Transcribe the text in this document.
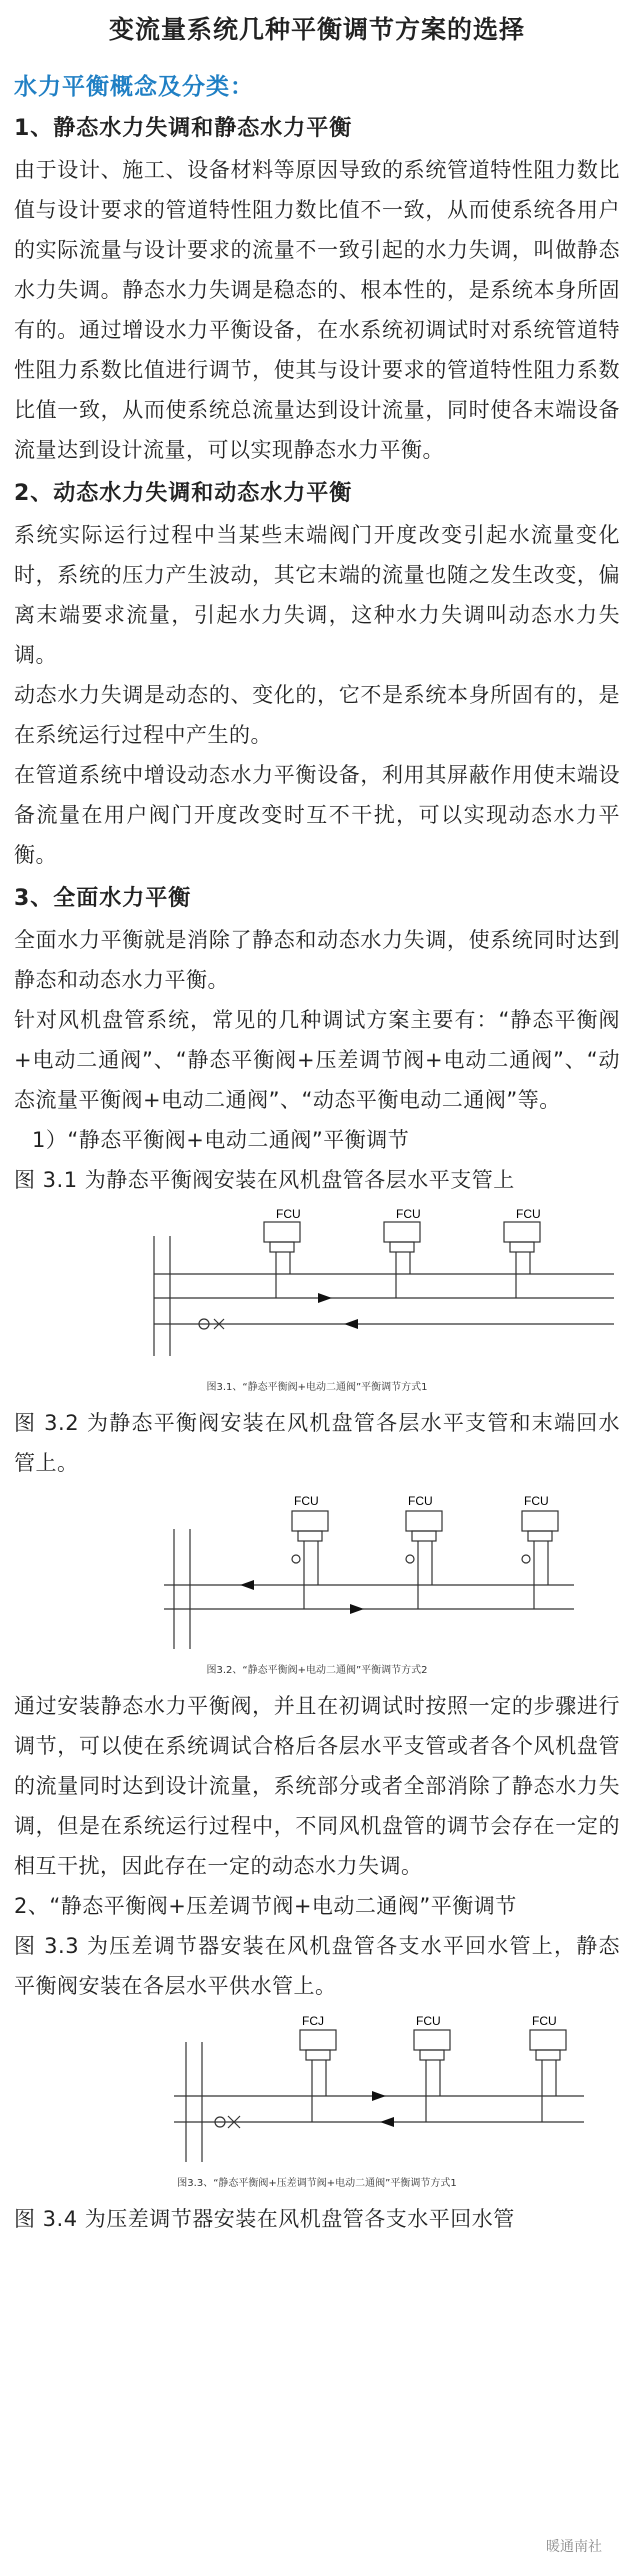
变流量系统几种平衡调节方案的选择
水力平衡概念及分类：
1、静态水力失调和静态水力平衡

由于设计、施工、设备材料等原因导致的系统管道特性阻力数比值与设计要求的管道特性阻力数比值不一致，从而使系统各用户的实际流量与设计要求的流量不一致引起的水力失调，叫做静态水力失调。静态水力失调是稳态的、根本性的，是系统本身所固有的。通过增设水力平衡设备，在水系统初调试时对系统管道特性阻力系数比值进行调节，使其与设计要求的管道特性阻力系数比值一致，从而使系统总流量达到设计流量，同时使各末端设备流量达到设计流量，可以实现静态水力平衡。

2、动态水力失调和动态水力平衡

系统实际运行过程中当某些末端阀门开度改变引起水流量变化时，系统的压力产生波动，其它末端的流量也随之发生改变，偏离末端要求流量，引起水力失调，这种水力失调叫动态水力失调。

动态水力失调是动态的、变化的，它不是系统本身所固有的，是在系统运行过程中产生的。

在管道系统中增设动态水力平衡设备，利用其屏蔽作用使末端设备流量在用户阀门开度改变时互不干扰，可以实现动态水力平衡。

3、全面水力平衡

全面水力平衡就是消除了静态和动态水力失调，使系统同时达到静态和动态水力平衡。

针对风机盘管系统，常见的几种调试方案主要有：“静态平衡阀+电动二通阀”、“静态平衡阀+压差调节阀+电动二通阀”、“动态流量平衡阀+电动二通阀”、“动态平衡电动二通阀”等。

1）“静态平衡阀+电动二通阀”平衡调节

图 3.1 为静态平衡阀安装在风机盘管各层水平支管上

FCU	FCU	FCU
图3.1、“静态平衡阀+电动二通阀”平衡调节方式1

图 3.2 为静态平衡阀安装在风机盘管各层水平支管和末端回水管上。

FCU	FCU	FCU
图3.2、“静态平衡阀+电动二通阀”平衡调节方式2

通过安装静态水力平衡阀，并且在初调试时按照一定的步骤进行调节，可以使在系统调试合格后各层水平支管或者各个风机盘管的流量同时达到设计流量，系统部分或者全部消除了静态水力失调，但是在系统运行过程中，不同风机盘管的调节会存在一定的相互干扰，因此存在一定的动态水力失调。

2、“静态平衡阀+压差调节阀+电动二通阀”平衡调节

图 3.3 为压差调节器安装在风机盘管各支水平回水管上，静态平衡阀安装在各层水平供水管上。

FCJ	FCU	FCU
图3.3、“静态平衡阀+压差调节阀+电动二通阀”平衡调节方式1

图 3.4 为压差调节器安装在风机盘管各支水平回水管

暖通南社
